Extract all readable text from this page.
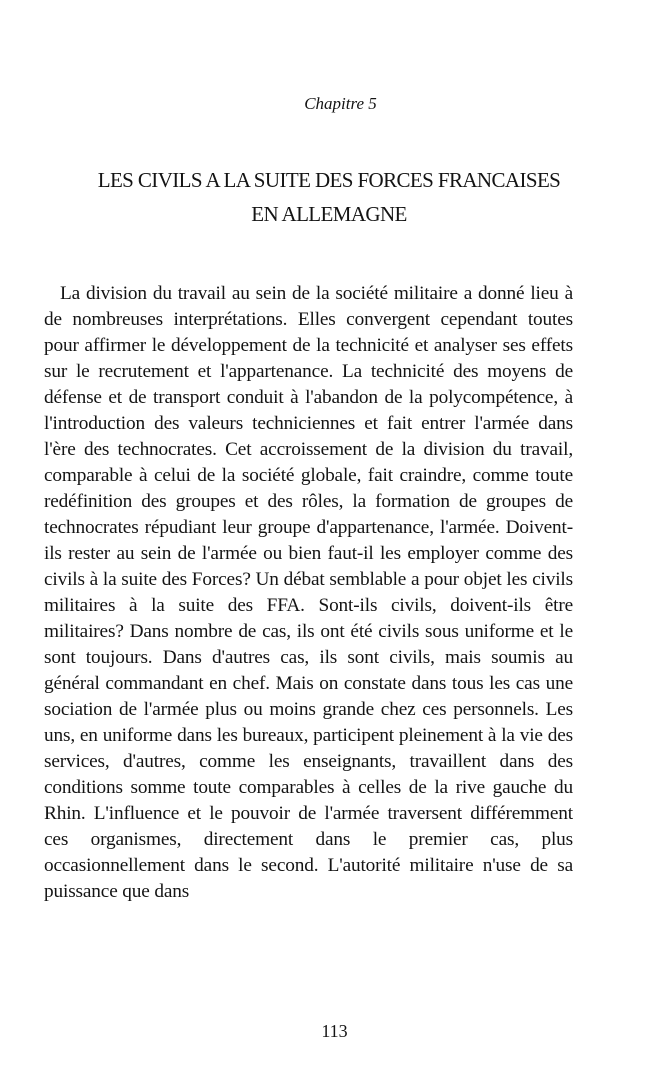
Chapitre 5
LES CIVILS A LA SUITE DES FORCES FRANCAISES
EN ALLEMAGNE

La division du travail au sein de la société militaire a donné lieu à de nombreuses interprétations. Elles convergent cependant toutes pour affirmer le développement de la technicité et analyser ses effets sur le recrutement et l'appartenance. La technicité des moyens de défense et de transport conduit à l'abandon de la polycompétence, à l'introduction des valeurs techniciennes et fait entrer l'armée dans l'ère des technocrates. Cet accroissement de la division du travail, comparable à celui de la société globale, fait craindre, comme toute redéfinition des groupes et des rôles, la formation de groupes de technocrates répudiant leur groupe d'appartenance, l'armée. Doivent-ils rester au sein de l'armée ou bien faut-il les employer comme des civils à la suite des Forces? Un débat semblable a pour objet les civils militaires à la suite des FFA. Sont-ils civils, doivent-ils être militaires? Dans nombre de cas, ils ont été civils sous uniforme et le sont toujours. Dans d'autres cas, ils sont civils, mais soumis au général commandant en chef. Mais on constate dans tous les cas une sociation de l'armée plus ou moins grande chez ces personnels. Les uns, en uniforme dans les bureaux, participent pleinement à la vie des services, d'autres, comme les enseignants, travaillent dans des conditions somme toute comparables à celles de la rive gauche du Rhin. L'influence et le pouvoir de l'armée traversent différemment ces organismes, directement dans le premier cas, plus occasionnellement dans le second. L'autorité militaire n'use de sa puissance que dans

113
